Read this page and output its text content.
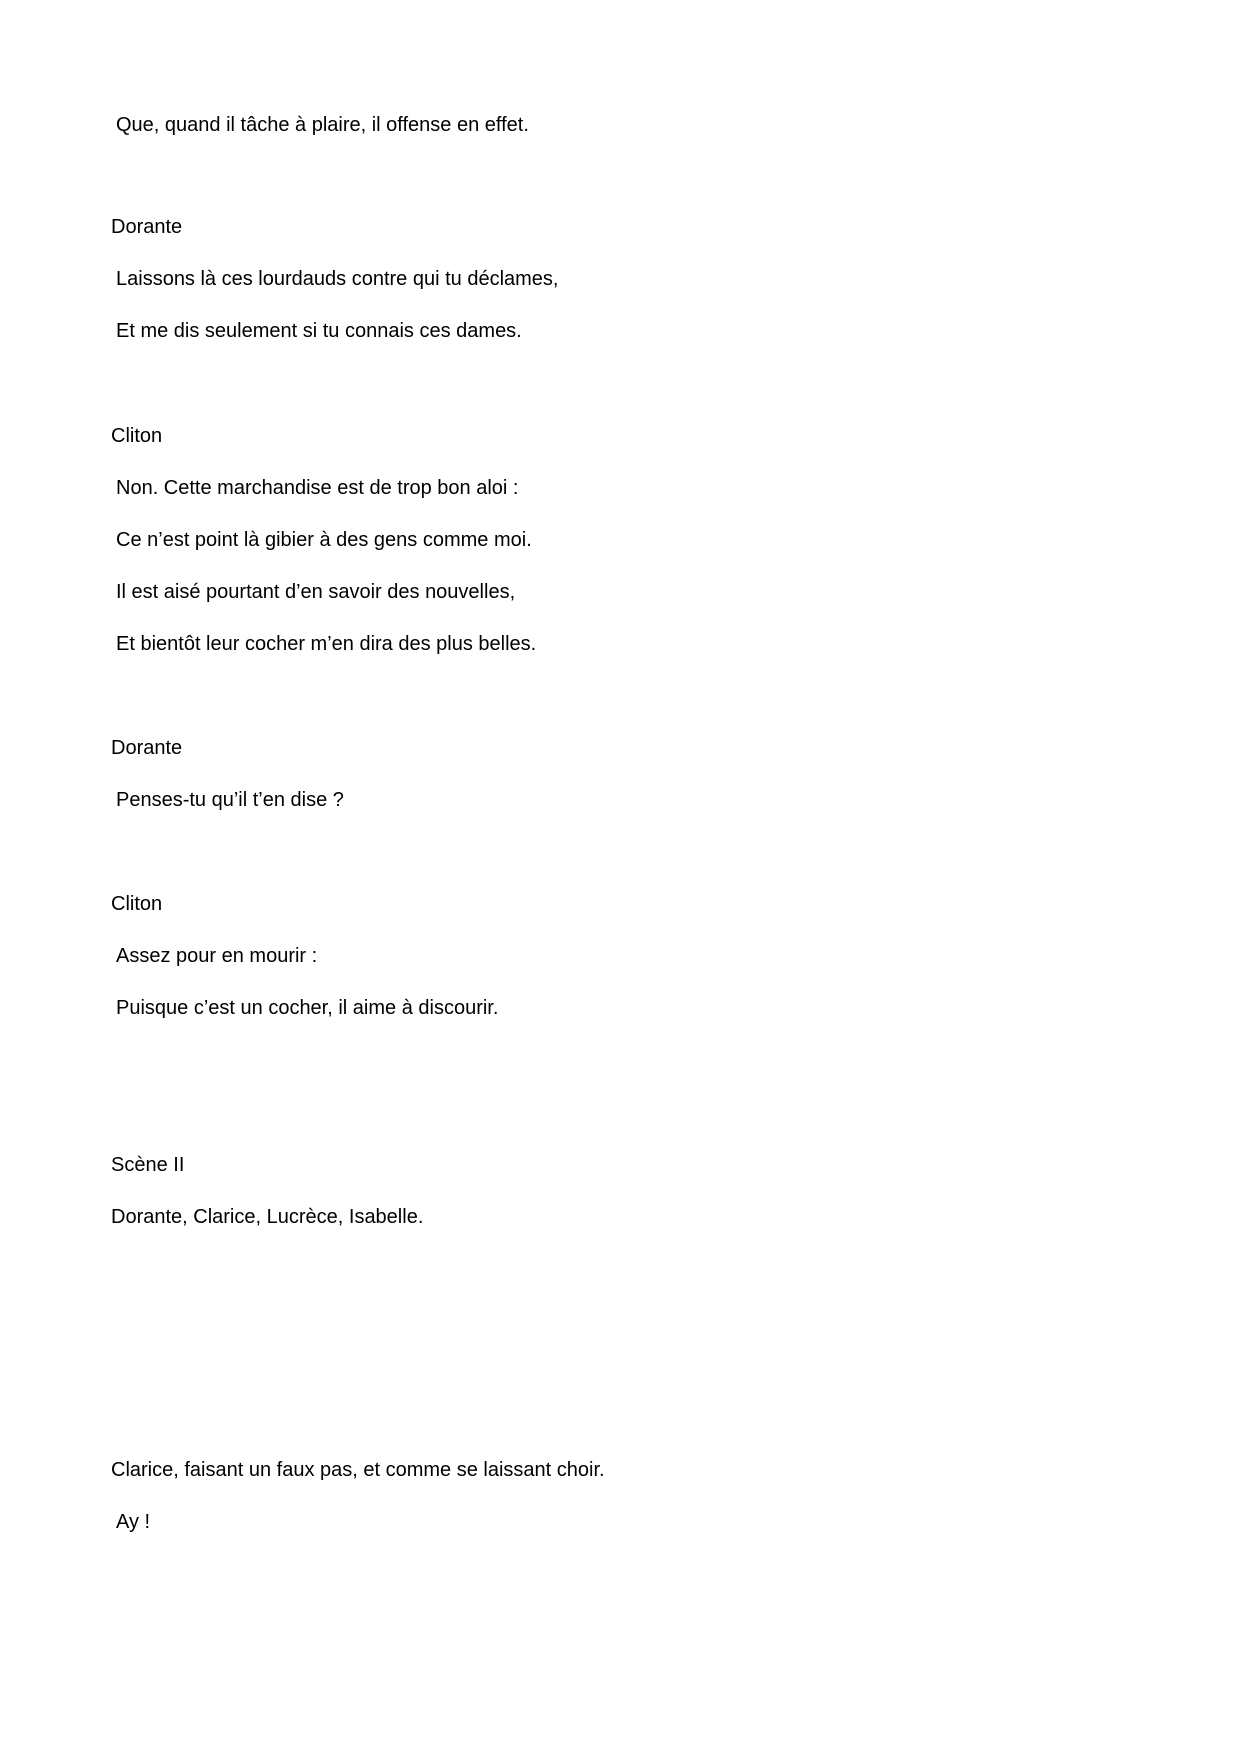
Que, quand il tâche à plaire, il offense en effet.
Dorante
Laissons là ces lourdauds contre qui tu déclames,
Et me dis seulement si tu connais ces dames.
Cliton
Non. Cette marchandise est de trop bon aloi :
Ce n’est point là gibier à des gens comme moi.
Il est aisé pourtant d’en savoir des nouvelles,
Et bientôt leur cocher m’en dira des plus belles.
Dorante
Penses-tu qu’il t’en dise ?
Cliton
Assez pour en mourir :
Puisque c’est un cocher, il aime à discourir.
Scène II
Dorante, Clarice, Lucrèce, Isabelle.
Clarice, faisant un faux pas, et comme se laissant choir.
Ay !
